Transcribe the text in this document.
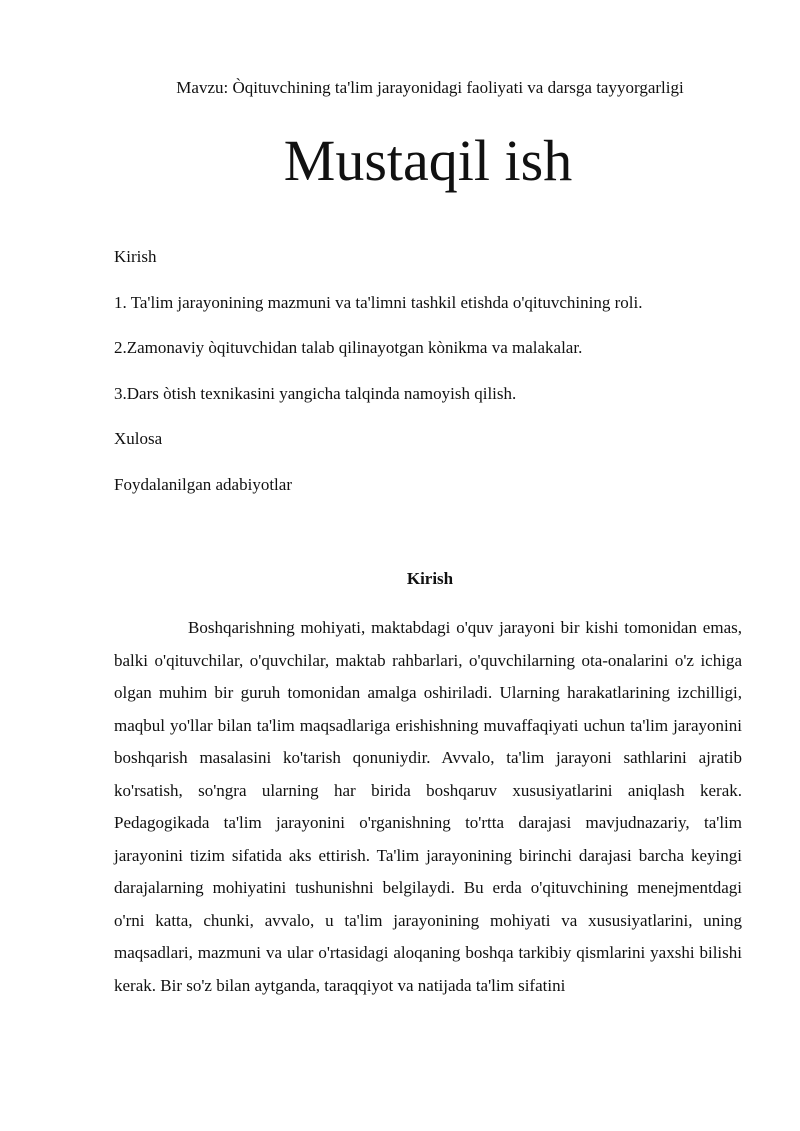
Mavzu: Òqituvchining ta'lim jarayonidagi faoliyati va darsga tayyorgarligi
Mustaqil ish
Kirish
1. Ta'lim jarayonining mazmuni va ta'limni tashkil etishda o'qituvchining roli.
2.Zamonaviy òqituvchidan talab qilinayotgan kònikma va malakalar.
3.Dars òtish texnikasini yangicha talqinda namoyish qilish.
Xulosa
Foydalanilgan adabiyotlar
Kirish

Boshqarishning mohiyati, maktabdagi o'quv jarayoni bir kishi tomonidan emas, balki o'qituvchilar, o'quvchilar, maktab rahbarlari, o'quvchilarning ota-onalarini o'z ichiga olgan muhim bir guruh tomonidan amalga oshiriladi. Ularning harakatlarining izchilligi, maqbul yo'llar bilan ta'lim maqsadlariga erishishning muvaffaqiyati uchun ta'lim jarayonini boshqarish masalasini ko'tarish qonuniydir. Avvalo, ta'lim jarayoni sathlarini ajratib ko'rsatish, so'ngra ularning har birida boshqaruv xususiyatlarini aniqlash kerak. Pedagogikada ta'lim jarayonini o'rganishning to'rtta darajasi mavjudnazariy, ta'lim jarayonini tizim sifatida aks ettirish. Ta'lim jarayonining birinchi darajasi barcha keyingi darajalarning mohiyatini tushunishni belgilaydi. Bu erda o'qituvchining menejmentdagi o'rni katta, chunki, avvalo, u ta'lim jarayonining mohiyati va xususiyatlarini, uning maqsadlari, mazmuni va ular o'rtasidagi aloqaning boshqa tarkibiy qismlarini yaxshi bilishi kerak. Bir so'z bilan aytganda, taraqqiyot va natijada ta'lim sifatini
